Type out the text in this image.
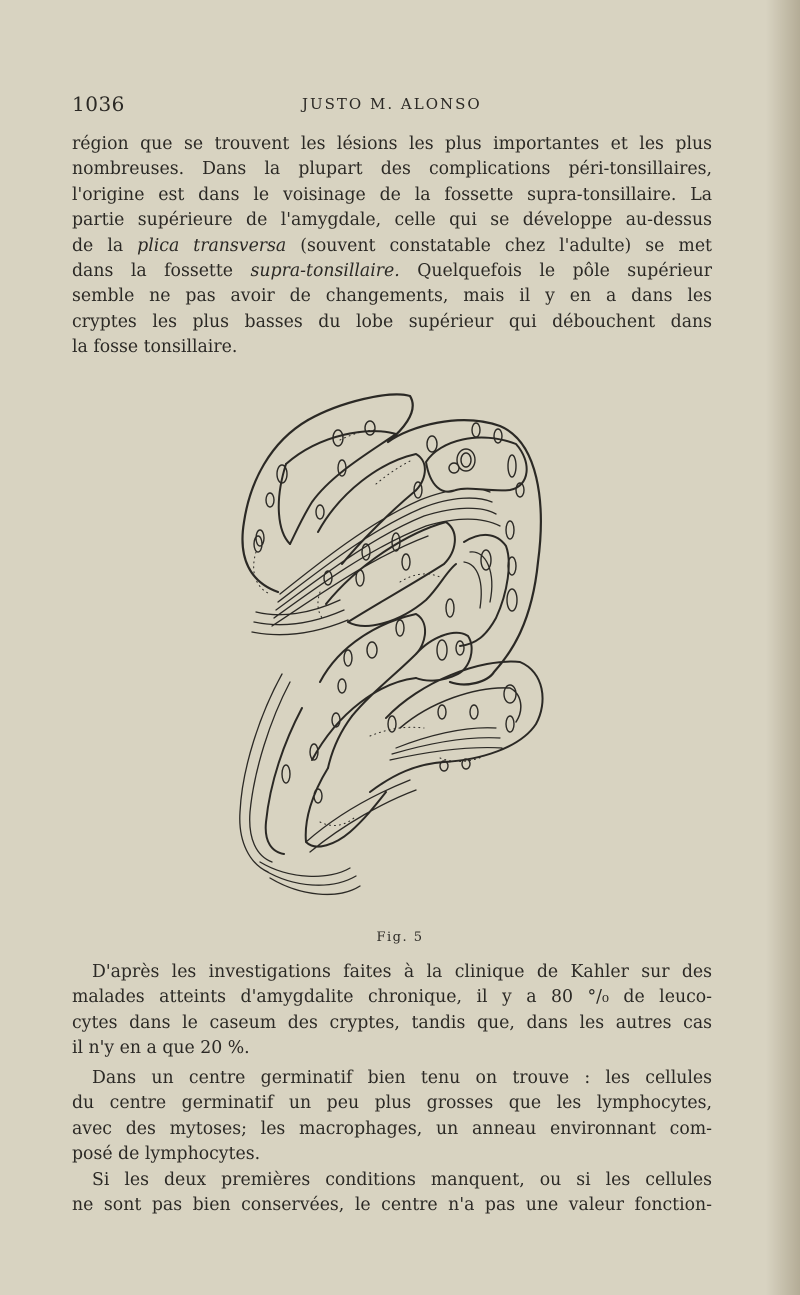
1036	JUSTO M. ALONSO
région que se trouvent les lésions les plus importantes et les plus
nombreuses. Dans la plupart des complications péri-tonsillaires,
l'origine est dans le voisinage de la fossette supra-tonsillaire. La
partie supérieure de l'amygdale, celle qui se développe au-dessus
de la plica transversa (souvent constatable chez l'adulte) se met
dans la fossette supra-tonsillaire. Quelquefois le pôle supérieur
semble ne pas avoir de changements, mais il y en a dans les
cryptes les plus basses du lobe supérieur qui débouchent dans
la fosse tonsillaire.
Fig. 5
D'après les investigations faites à la clinique de Kahler sur des
malades atteints d'amygdalite chronique, il y a 80 °/₀ de leuco-
cytes dans le caseum des cryptes, tandis que, dans les autres cas
il n'y en a que 20 %.
Dans un centre germinatif bien tenu on trouve : les cellules
du centre germinatif un peu plus grosses que les lymphocytes,
avec des mytoses; les macrophages, un anneau environnant com-
posé de lymphocytes.
Si les deux premières conditions manquent, ou si les cellules
ne sont pas bien conservées, le centre n'a pas une valeur fonction-
